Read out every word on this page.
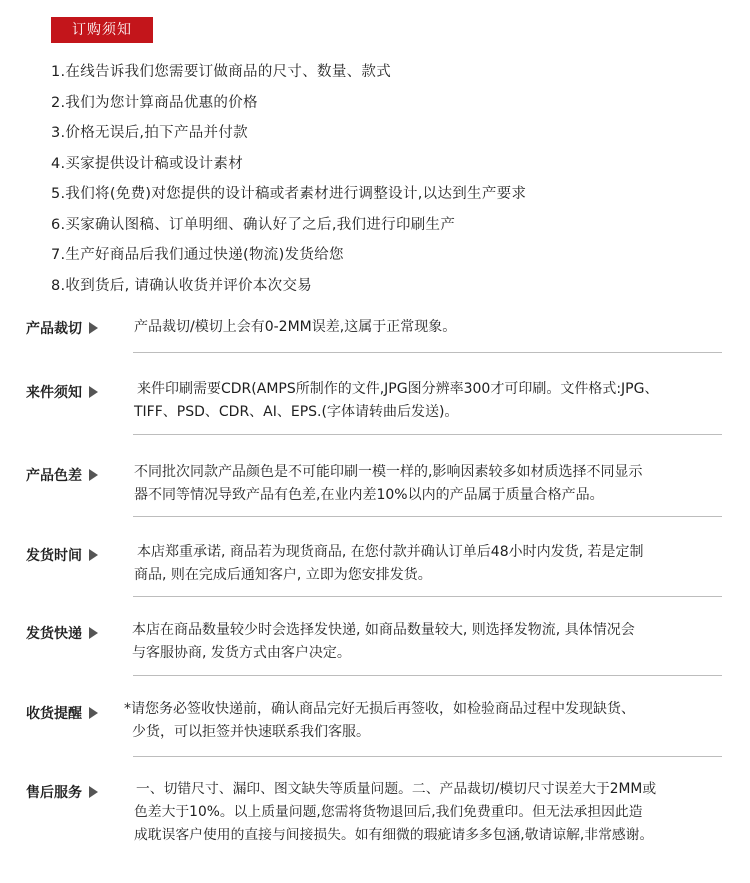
订购须知
1.在线告诉我们您需要订做商品的尺寸、数量、款式
2.我们为您计算商品优惠的价格
3.价格无误后,拍下产品并付款
4.买家提供设计稿或设计素材
5.我们将(免费)对您提供的设计稿或者素材进行调整设计,以达到生产要求
6.买家确认图稿、订单明细、确认好了之后,我们进行印刷生产
7.生产好商品后我们通过快递(物流)发货给您
8.收到货后, 请确认收货并评价本次交易
产品裁切	产品裁切/模切上会有0-2MM误差,这属于正常现象。
来件须知	来件印刷需要CDR(AMPS所制作的文件,JPG图分辨率300才可印刷。文件格式:JPG、
TIFF、PSD、CDR、AI、EPS.(字体请转曲后发送)。
产品色差	不同批次同款产品颜色是不可能印刷一模一样的,影响因素较多如材质选择不同显示
器不同等情况导致产品有色差,在业内差10%以内的产品属于质量合格产品。
发货时间	本店郑重承诺, 商品若为现货商品, 在您付款并确认订单后48小时内发货, 若是定制
商品, 则在完成后通知客户, 立即为您安排发货。
发货快递	本店在商品数量较少时会选择发快递, 如商品数量较大, 则选择发物流, 具体情况会
与客服协商, 发货方式由客户决定。
收货提醒	*请您务必签收快递前，确认商品完好无损后再签收，如检验商品过程中发现缺货、
少货，可以拒签并快速联系我们客服。
售后服务	一、切错尺寸、漏印、图文缺失等质量问题。二、产品裁切/模切尺寸误差大于2MM或
色差大于10%。以上质量问题,您需将货物退回后,我们免费重印。但无法承担因此造
成耽误客户使用的直接与间接损失。如有细微的瑕疵请多多包涵,敬请谅解,非常感谢。
